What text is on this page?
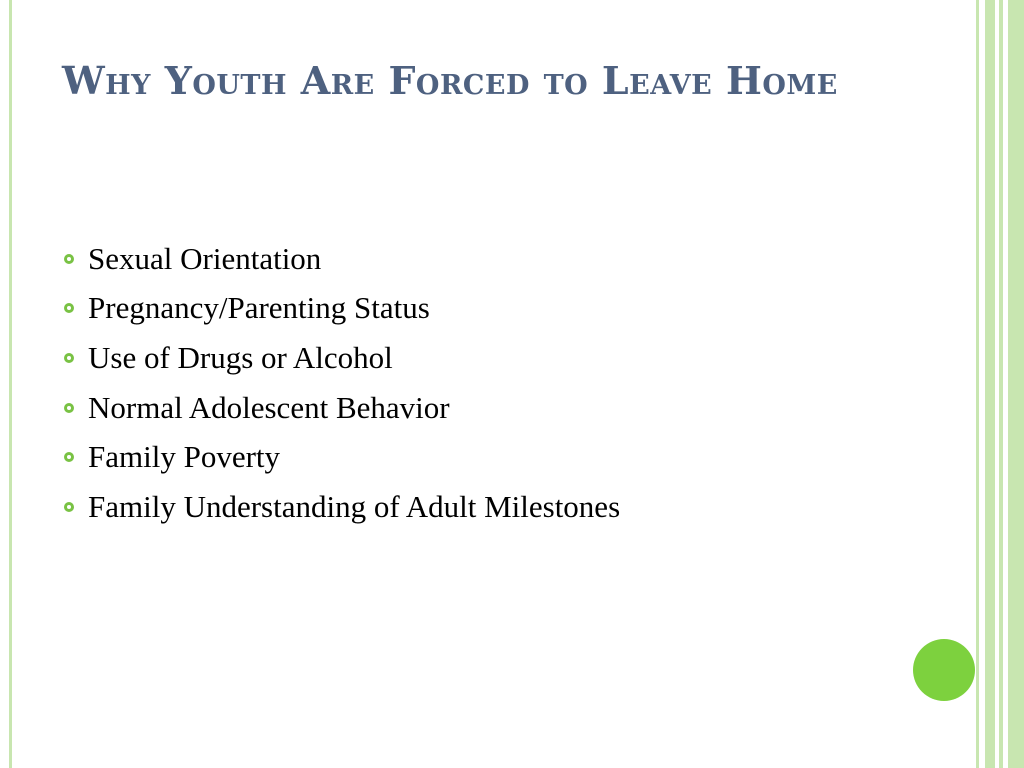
Why Youth Are Forced to Leave Home
Sexual Orientation
Pregnancy/Parenting Status
Use of Drugs or Alcohol
Normal Adolescent Behavior
Family Poverty
Family Understanding of Adult Milestones
